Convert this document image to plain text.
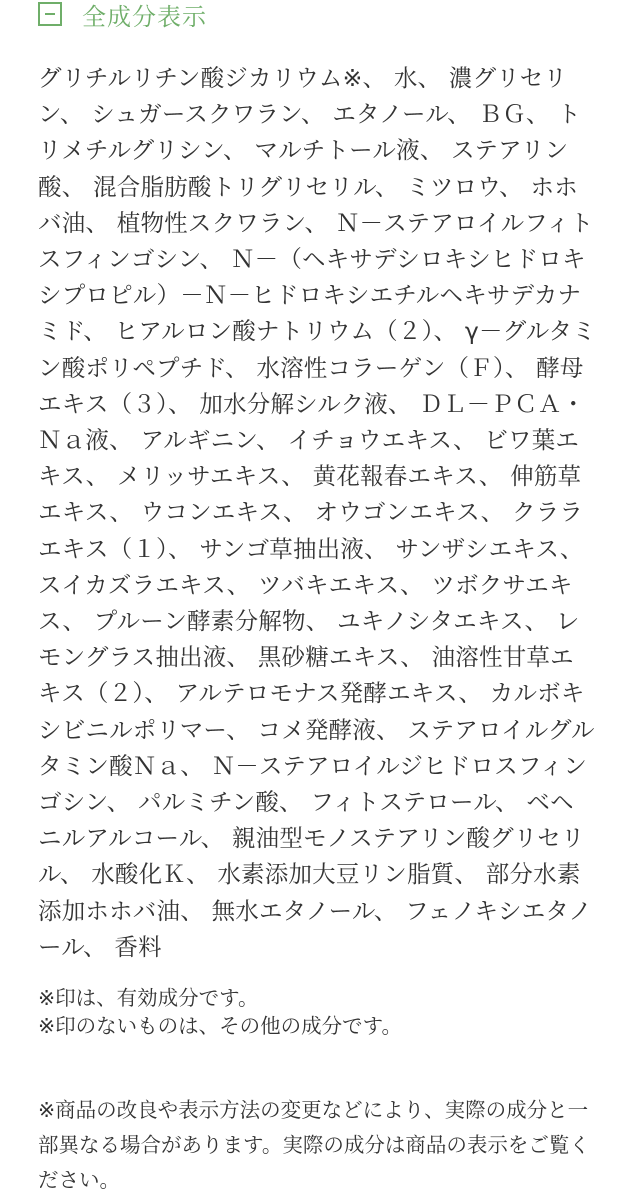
全成分表示
グリチルリチン酸ジカリウム※、 水、 濃グリセリン、 シュガースクワラン、 エタノール、 ＢＧ、 トリメチルグリシン、 マルチトール液、 ステアリン酸、 混合脂肪酸トリグリセリル、 ミツロウ、 ホホバ油、 植物性スクワラン、 Ｎ－ステアロイルフィトスフィンゴシン、 Ｎ－（ヘキサデシロキシヒドロキシプロピル）－Ｎ－ヒドロキシエチルヘキサデカナミド、 ヒアルロン酸ナトリウム（２）、 γ－グルタミン酸ポリペプチド、 水溶性コラーゲン（Ｆ）、 酵母エキス（３）、 加水分解シルク液、 ＤＬ－ＰＣＡ・Ｎａ液、 アルギニン、 イチョウエキス、 ビワ葉エキス、 メリッサエキス、 黄花報春エキス、 伸筋草エキス、 ウコンエキス、 オウゴンエキス、 クララエキス（１）、 サンゴ草抽出液、 サンザシエキス、 スイカズラエキス、 ツバキエキス、 ツボクサエキス、 プルーン酵素分解物、 ユキノシタエキス、 レモングラス抽出液、 黒砂糖エキス、 油溶性甘草エキス（２）、 アルテロモナス発酵エキス、 カルボキシビニルポリマー、 コメ発酵液、 ステアロイルグルタミン酸Ｎａ、 Ｎ－ステアロイルジヒドロスフィンゴシン、 パルミチン酸、 フィトステロール、 ベヘニルアルコール、 親油型モノステアリン酸グリセリル、 水酸化Ｋ、 水素添加大豆リン脂質、 部分水素添加ホホバ油、 無水エタノール、 フェノキシエタノール、 香料
※印は、有効成分です。
※印のないものは、その他の成分です。
※商品の改良や表示方法の変更などにより、実際の成分と一部異なる場合があります。実際の成分は商品の表示をご覧ください。
